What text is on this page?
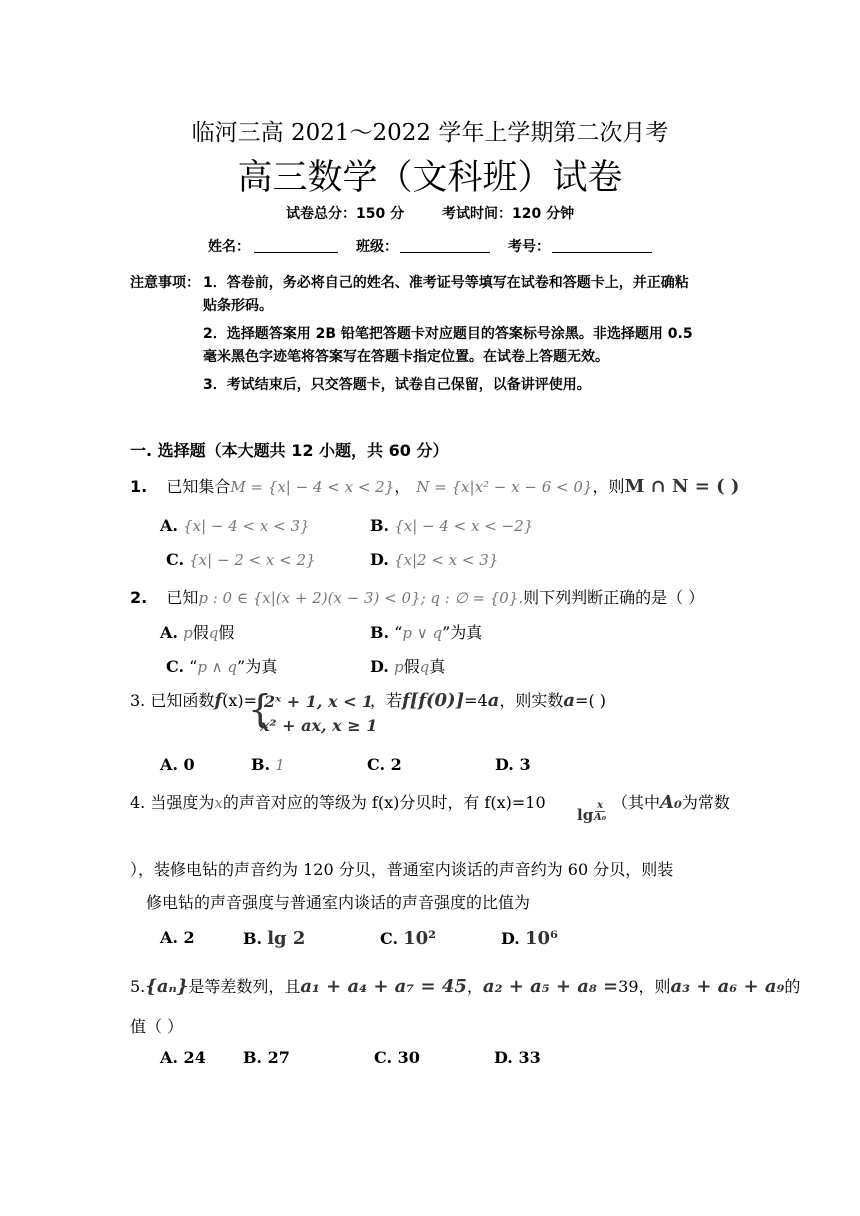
临河三高 2021～2022 学年上学期第二次月考
高三数学（文科班）试卷
试卷总分：150 分	考试时间：120 分钟
姓名：	班级：	考号：
注意事项： 1．答卷前，务必将自己的姓名、准考证号等填写在试卷和答题卡上，并正确粘
贴条形码。
2．选择题答案用 2B 铅笔把答题卡对应题目的答案标号涂黑。非选择题用 0.5
毫米黑色字迹笔将答案写在答题卡指定位置。在试卷上答题无效。
3．考试结束后，只交答题卡，试卷自己保留，以备讲评使用。
一. 选择题（本大题共 12 小题，共 60 分）
1. 已知集合M = {x| − 4 < x < 2}， N = {x|x² − x − 6 < 0}，则M ∩ N = ( )
A. {x| − 4 < x < 3}	B. {x| − 4 < x < −2}
C. {x| − 2 < x < 2}	D. {x|2 < x < 3}
2. 已知p : 0 ∈ {x|(x + 2)(x − 3) < 0}; q : ∅ = {0}.则下列判断正确的是（ ）
A. p假q假	B. “p ∨ q”为真
C. “p ∧ q”为真	D. p假q真
3. 已知函数f(x)=
{
2ˣ + 1, x < 1
x² + ax, x ≥ 1
，若f[f(0)]=4a，则实数a=( )
A. 0	B. 1	C. 2	D. 3
4. 当强度为x的声音对应的等级为 f(x)分贝时，有 f(x)=10
$\lg \frac{x}{\text{A₀}}$ （其中A₀为常数
），装修电钻的声音约为 120 分贝，普通室内谈话的声音约为 60 分贝，则装
修电钻的声音强度与普通室内谈话的声音强度的比值为
A. 2	B. lg 2	C. 10²	D. 10⁶
5.{aₙ}是等差数列，且a₁ + a₄ + a₇ = 45，a₂ + a₅ + a₈ =39，则a₃ + a₆ + a₉的
值（ ）
A. 24 B. 27	C. 30	D. 33
